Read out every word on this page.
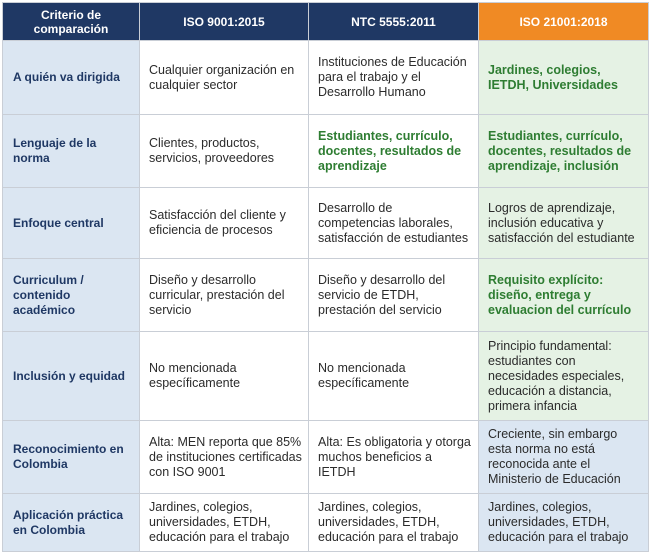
Criterio de comparación	ISO 9001:2015	NTC 5555:2011	ISO 21001:2018
A quién va dirigida	Cualquier organización en cualquier sector	Instituciones de Educación para el trabajo y el Desarrollo Humano	Jardines, colegios, IETDH, Universidades
Lenguaje de la norma	Clientes, productos, servicios, proveedores	Estudiantes, currículo, docentes, resultados de aprendizaje	Estudiantes, currículo, docentes, resultados de aprendizaje, inclusión
Enfoque central	Satisfacción del cliente y eficiencia de procesos	Desarrollo de competencias laborales, satisfacción de estudiantes	Logros de aprendizaje, inclusión educativa y satisfacción del estudiante
Curriculum / contenido académico	Diseño y desarrollo curricular, prestación del servicio	Diseño y desarrollo del servicio de ETDH, prestación del servicio	Requisito explícito: diseño, entrega y evaluacion del currículo
Inclusión y equidad	No mencionada específicamente	No mencionada específicamente	Principio fundamental: estudiantes con necesidades especiales, educación a distancia, primera infancia
Reconocimiento en Colombia	Alta: MEN reporta que 85% de instituciones certificadas con ISO 9001	Alta: Es obligatoria y otorga muchos beneficios a IETDH	Creciente, sin embargo esta norma no está reconocida ante el Ministerio de Educación
Aplicación práctica en Colombia	Jardines, colegios, universidades, ETDH, educación para el trabajo	Jardines, colegios, universidades, ETDH, educación para el trabajo	Jardines, colegios, universidades, ETDH, educación para el trabajo
